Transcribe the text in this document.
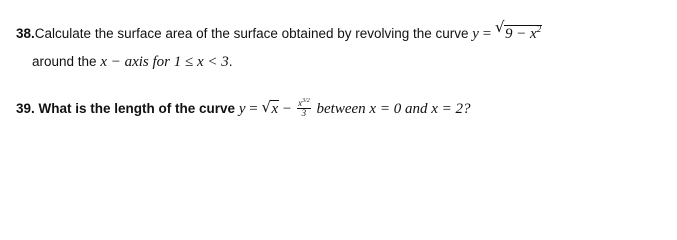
38.Calculate the surface area of the surface obtained by revolving the curve y = √ $9 - x^2$
around the x − axis for 1 ≤ x < 3.
39. What is the length of the curve y = √ $x - \frac{x^{3/2}}{3}$ between x = 0 and x = 2?
